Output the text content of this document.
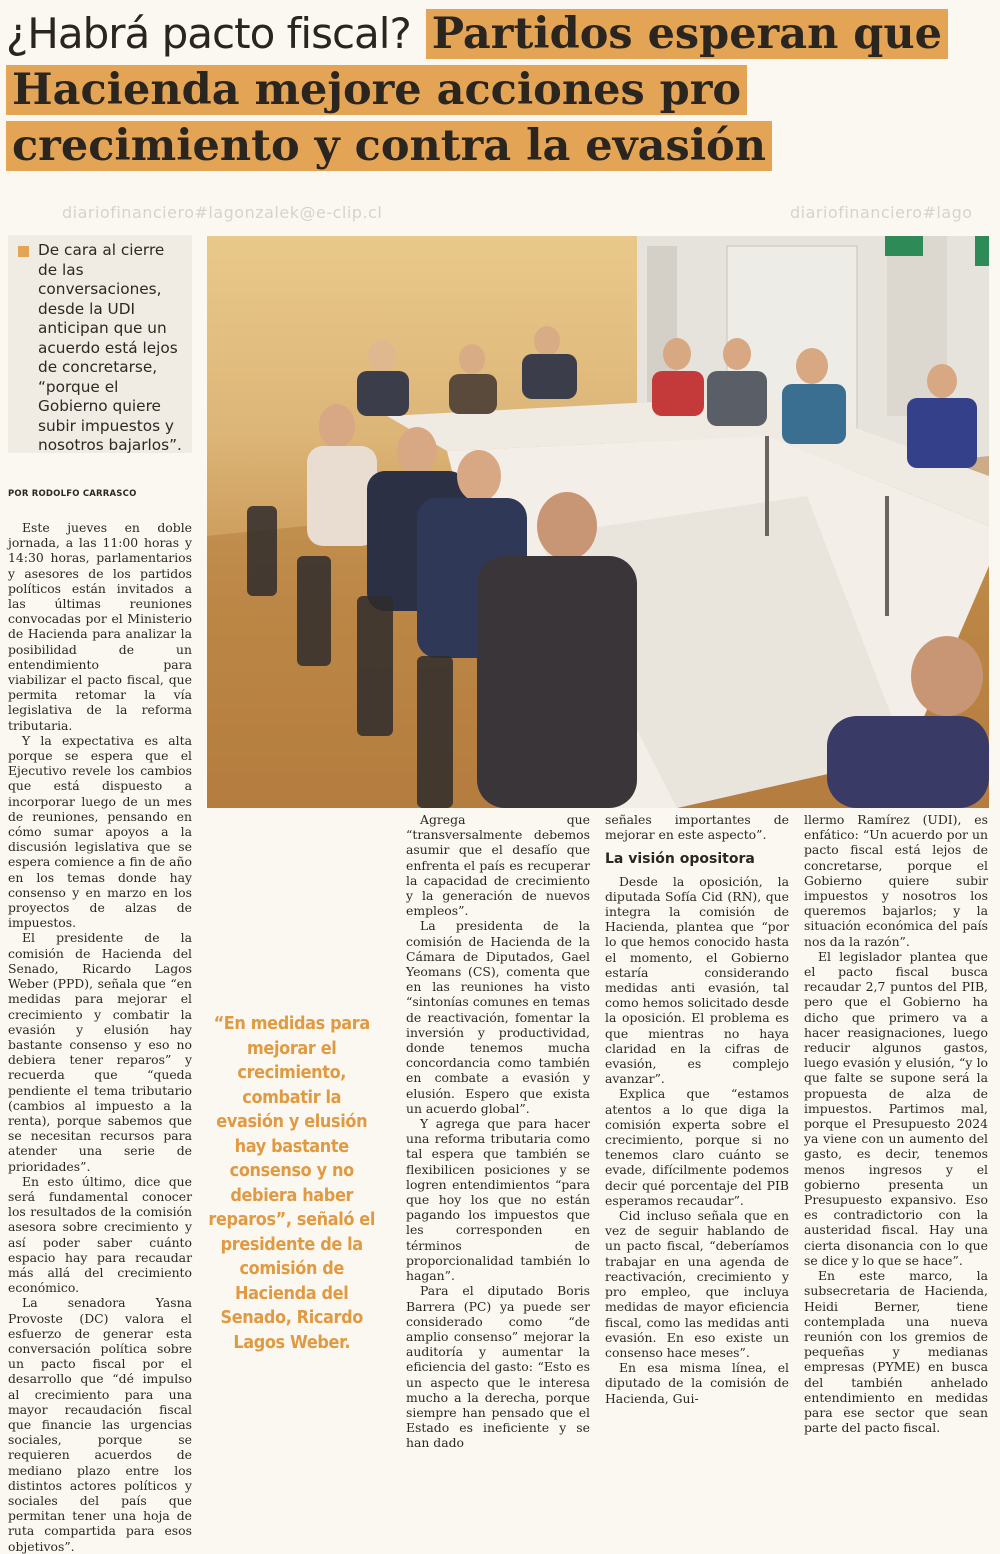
¿Habrá pacto fiscal? Partidos esperan que Hacienda mejore acciones pro crecimiento y contra la evasión
diariofinanciero#lagonzalek@e-clip.cl	diariofinanciero#lago
De cara al cierre de las conversaciones, desde la UDI anticipan que un acuerdo está lejos de concretarse, “porque el Gobierno quiere subir impuestos y nosotros bajarlos”.
POR RODOLFO CARRASCO

Este jueves en doble jornada, a las 11:00 horas y 14:30 horas, parlamentarios y asesores de los partidos políticos están invitados a las últimas reuniones convocadas por el Ministerio de Hacienda para analizar la posibilidad de un entendimiento para viabilizar el pacto fiscal, que permita retomar la vía legislativa de la reforma tributaria.

Y la expectativa es alta porque se espera que el Ejecutivo revele los cambios que está dispuesto a incorporar luego de un mes de reuniones, pensando en cómo sumar apoyos a la discusión legislativa que se espera comience a fin de año en los temas donde hay consenso y en marzo en los proyectos de alzas de impuestos.

El presidente de la comisión de Hacienda del Senado, Ricardo Lagos Weber (PPD), señala que “en medidas para mejorar el crecimiento y combatir la evasión y elusión hay bastante consenso y eso no debiera tener reparos” y recuerda que “queda pendiente el tema tributario (cambios al impuesto a la renta), porque sabemos que se necesitan recursos para atender una serie de prioridades”.

En esto último, dice que será fundamental conocer los resultados de la comisión asesora sobre crecimiento y así poder saber cuánto espacio hay para recaudar más allá del crecimiento económico.

La senadora Yasna Provoste (DC) valora el esfuerzo de generar esta conversación política sobre un pacto fiscal por el desarrollo que “dé impulso al crecimiento para una mayor recaudación fiscal que financie las urgencias sociales, porque se requieren acuerdos de mediano plazo entre los distintos actores políticos y sociales del país que permitan tener una hoja de ruta compartida para esos objetivos”.

“En medidas para mejorar el crecimiento, combatir la evasión y elusión hay bastante consenso y no debiera haber reparos”, señaló el presidente de la comisión de Hacienda del Senado, Ricardo Lagos Weber.

Agrega que “transversalmente debemos asumir que el desafío que enfrenta el país es recuperar la capacidad de crecimiento y la generación de nuevos empleos”.

La presidenta de la comisión de Hacienda de la Cámara de Diputados, Gael Yeomans (CS), comenta que en las reuniones ha visto “sintonías comunes en temas de reactivación, fomentar la inversión y productividad, donde tenemos mucha concordancia como también en combate a evasión y elusión. Espero que exista un acuerdo global”.

Y agrega que para hacer una reforma tributaria como tal espera que también se flexibilicen posiciones y se logren entendimientos “para que hoy los que no están pagando los impuestos que les corresponden en términos de proporcionalidad también lo hagan”.

Para el diputado Boris Barrera (PC) ya puede ser considerado como “de amplio consenso” mejorar la auditoría y aumentar la eficiencia del gasto: “Esto es un aspecto que le interesa mucho a la derecha, porque siempre han pensado que el Estado es ineficiente y se han dado

señales importantes de mejorar en este aspecto”.

La visión opositora

Desde la oposición, la diputada Sofía Cid (RN), que integra la comisión de Hacienda, plantea que “por lo que hemos conocido hasta el momento, el Gobierno estaría considerando medidas anti evasión, tal como hemos solicitado desde la oposición. El problema es que mientras no haya claridad en la cifras de evasión, es complejo avanzar”.

Explica que “estamos atentos a lo que diga la comisión experta sobre el crecimiento, porque si no tenemos claro cuánto se evade, difícilmente podemos decir qué porcentaje del PIB esperamos recaudar”.

Cid incluso señala que en vez de seguir hablando de un pacto fiscal, “deberíamos trabajar en una agenda de reactivación, crecimiento y pro empleo, que incluya medidas de mayor eficiencia fiscal, como las medidas anti evasión. En eso existe un consenso hace meses”.

En esa misma línea, el diputado de la comisión de Hacienda, Gui-

llermo Ramírez (UDI), es enfático: “Un acuerdo por un pacto fiscal está lejos de concretarse, porque el Gobierno quiere subir impuestos y nosotros los queremos bajarlos; y la situación económica del país nos da la razón”.

El legislador plantea que el pacto fiscal busca recaudar 2,7 puntos del PIB, pero que el Gobierno ha dicho que primero va a hacer reasignaciones, luego reducir algunos gastos, luego evasión y elusión, “y lo que falte se supone será la propuesta de alza de impuestos. Partimos mal, porque el Presupuesto 2024 ya viene con un aumento del gasto, es decir, tenemos menos ingresos y el gobierno presenta un Presupuesto expansivo. Eso es contradictorio con la austeridad fiscal. Hay una cierta disonancia con lo que se dice y lo que se hace”.

En este marco, la subsecretaria de Hacienda, Heidi Berner, tiene contemplada una nueva reunión con los gremios de pequeñas y medianas empresas (PYME) en busca del también anhelado entendimiento en medidas para ese sector que sean parte del pacto fiscal.
